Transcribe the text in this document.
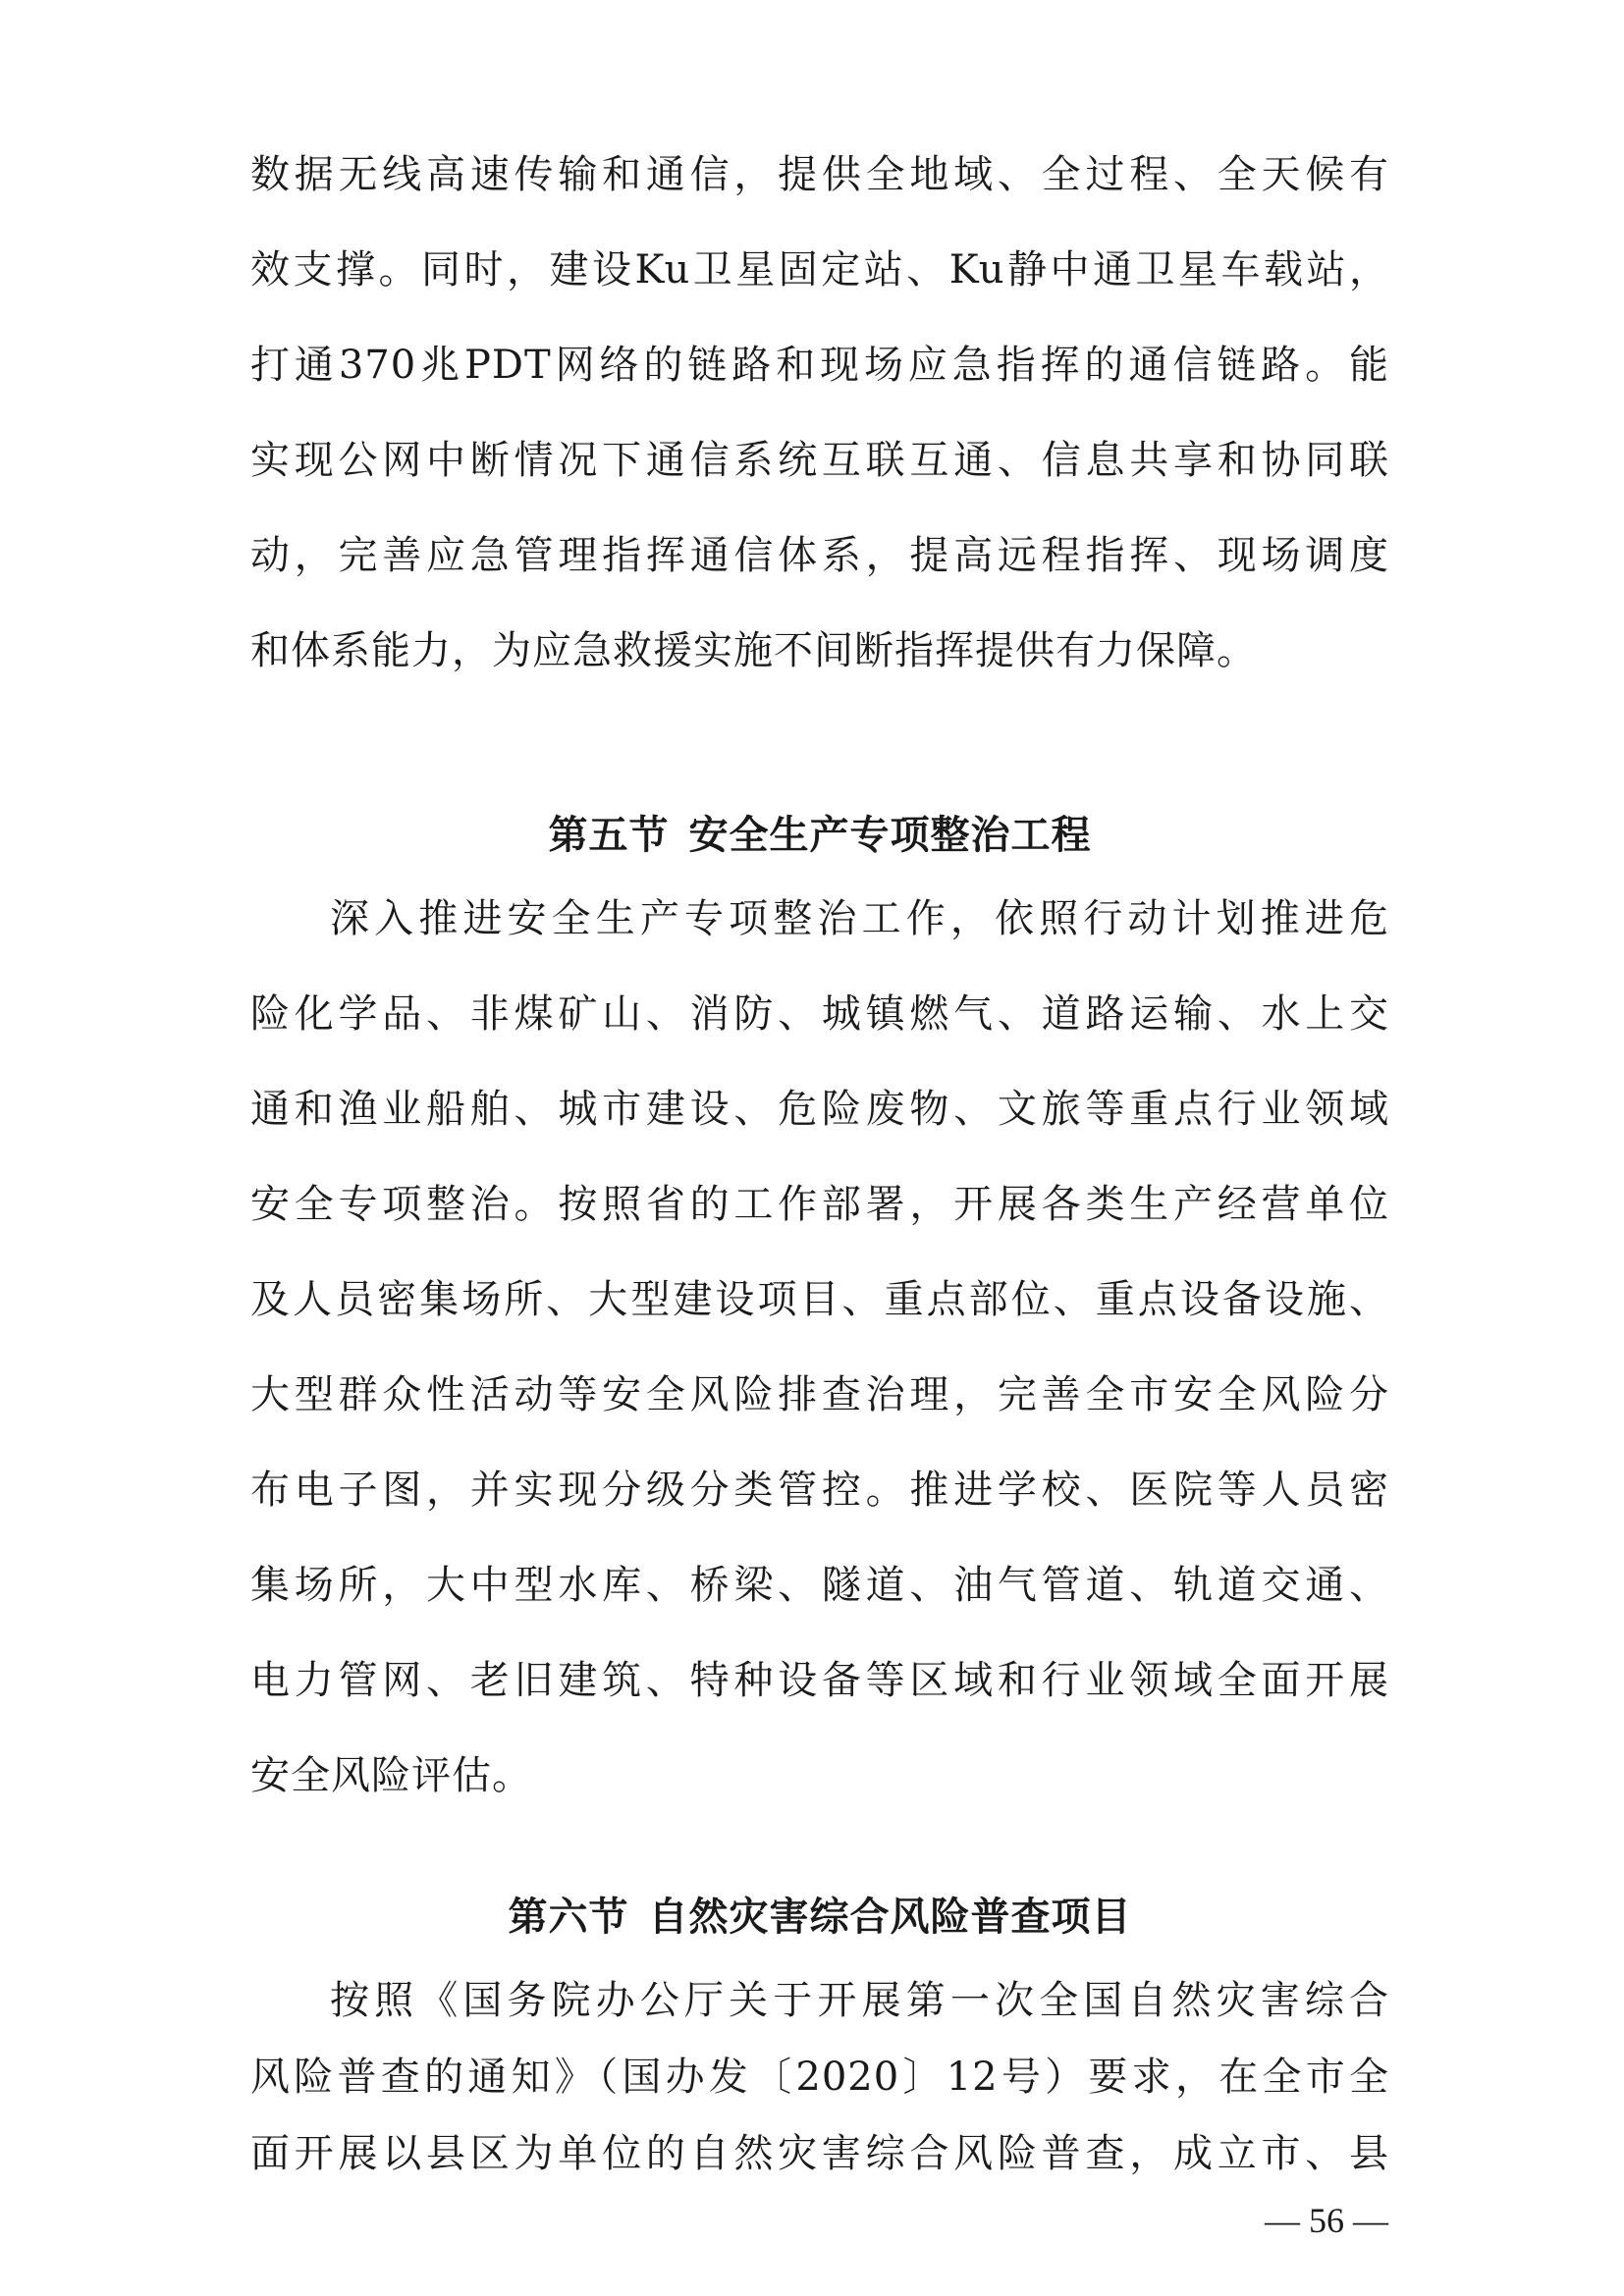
数据无线高速传输和通信，提供全地域、全过程、全天候有
效支撑。同时，建设Ku卫星固定站、Ku静中通卫星车载站，
打通370兆PDT网络的链路和现场应急指挥的通信链路。能
实现公网中断情况下通信系统互联互通、信息共享和协同联
动，完善应急管理指挥通信体系，提高远程指挥、现场调度
和体系能力，为应急救援实施不间断指挥提供有力保障。
第五节 安全生产专项整治工程
深入推进安全生产专项整治工作，依照行动计划推进危
险化学品、非煤矿山、消防、城镇燃气、道路运输、水上交
通和渔业船舶、城市建设、危险废物、文旅等重点行业领域
安全专项整治。按照省的工作部署，开展各类生产经营单位
及人员密集场所、大型建设项目、重点部位、重点设备设施、
大型群众性活动等安全风险排查治理，完善全市安全风险分
布电子图，并实现分级分类管控。推进学校、医院等人员密
集场所，大中型水库、桥梁、隧道、油气管道、轨道交通、
电力管网、老旧建筑、特种设备等区域和行业领域全面开展
安全风险评估。
第六节 自然灾害综合风险普查项目
按照《国务院办公厅关于开展第一次全国自然灾害综合
风险普查的通知》（国办发〔2020〕12号）要求，在全市全
— 56 —
面开展以县区为单位的自然灾害综合风险普查，成立市、县
